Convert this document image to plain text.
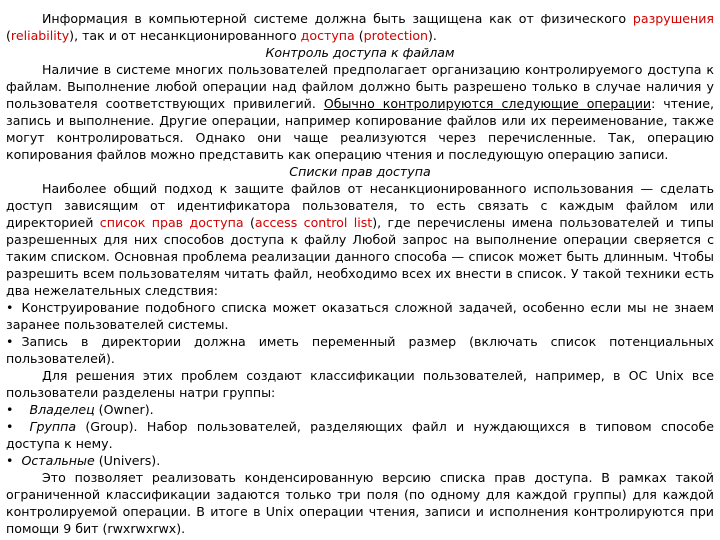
Информация в компьютерной системе должна быть защищена как от физического разрушения (reliability), так и от несанкционированного доступа (protection).

Контроль доступа к файлам

Наличие в системе многих пользователей предполагает организацию контролируемого доступа к файлам. Выполнение любой операции над файлом должно быть разрешено только в случае наличия у пользователя соответствующих привилегий. Обычно контролируются следующие операции: чтение, запись и выполнение. Другие операции, например копирование файлов или их переименование, также могут контролироваться. Однако они чаще реализуются через перечисленные. Так, операцию копирования файлов можно представить как операцию чтения и последующую операцию записи.

Списки прав доступа

Наиболее общий подход к защите файлов от несанкционированного использования — сделать доступ зависящим от идентификатора пользователя, то есть связать с каждым файлом или директорией список прав доступа (access control list), где перечислены имена пользователей и типы разрешенных для них способов доступа к файлу Любой запрос на выполнение операции сверяется с таким списком. Основная проблема реализации данного способа — список может быть длинным. Чтобы разрешить всем пользователям читать файл, необходимо всех их внести в список. У такой техники есть два нежелательных следствия:

• Конструирование подобного списка может оказаться сложной задачей, особенно если мы не знаем заранее пользователей системы.

• Запись в директории должна иметь переменный размер (включать список потенциальных пользователей).

Для решения этих проблем создают классификации пользователей, например, в ОС Unix все пользователи разделены натри группы:

• Владелец (Owner).

• Группа (Group). Набор пользователей, разделяющих файл и нуждающихся в типовом способе доступа к нему.

• Остальные (Univers).

Это позволяет реализовать конденсированную версию списка прав доступа. В рамках такой ограниченной классификации задаются только три поля (по одному для каждой группы) для каждой контролируемой операции. В итоге в Unix операции чтения, записи и исполнения контролируются при помощи 9 бит (rwxrwxrwx).
